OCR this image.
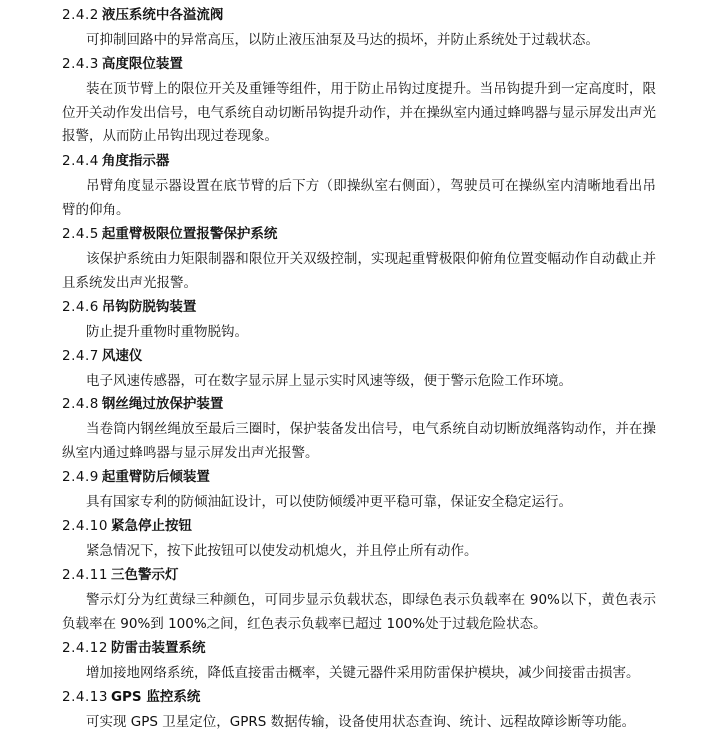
2.4.2 液压系统中各溢流阀
可抑制回路中的异常高压，以防止液压油泵及马达的损坏，并防止系统处于过载状态。
2.4.3 高度限位装置
装在顶节臂上的限位开关及重锤等组件，用于防止吊钩过度提升。当吊钩提升到一定高度时，限位开关动作发出信号，电气系统自动切断吊钩提升动作，并在操纵室内通过蜂鸣器与显示屏发出声光报警，从而防止吊钩出现过卷现象。
2.4.4 角度指示器
吊臂角度显示器设置在底节臂的后下方（即操纵室右侧面），驾驶员可在操纵室内清晰地看出吊臂的仰角。
2.4.5 起重臂极限位置报警保护系统
该保护系统由力矩限制器和限位开关双级控制，实现起重臂极限仰俯角位置变幅动作自动截止并且系统发出声光报警。
2.4.6 吊钩防脱钩装置
防止提升重物时重物脱钩。
2.4.7 风速仪
电子风速传感器，可在数字显示屏上显示实时风速等级，便于警示危险工作环境。
2.4.8 钢丝绳过放保护装置
当卷筒内钢丝绳放至最后三圈时，保护装备发出信号，电气系统自动切断放绳落钩动作，并在操纵室内通过蜂鸣器与显示屏发出声光报警。
2.4.9 起重臂防后倾装置
具有国家专利的防倾油缸设计，可以使防倾缓冲更平稳可靠，保证安全稳定运行。
2.4.10 紧急停止按钮
紧急情况下，按下此按钮可以使发动机熄火，并且停止所有动作。
2.4.11 三色警示灯
警示灯分为红黄绿三种颜色，可同步显示负载状态，即绿色表示负载率在 90%以下，黄色表示负载率在 90%到 100%之间，红色表示负载率已超过 100%处于过载危险状态。
2.4.12 防雷击装置系统
增加接地网络系统，降低直接雷击概率，关键元器件采用防雷保护模块，减少间接雷击损害。
2.4.13 GPS 监控系统
可实现 GPS 卫星定位，GPRS 数据传输，设备使用状态查询、统计、远程故障诊断等功能。
